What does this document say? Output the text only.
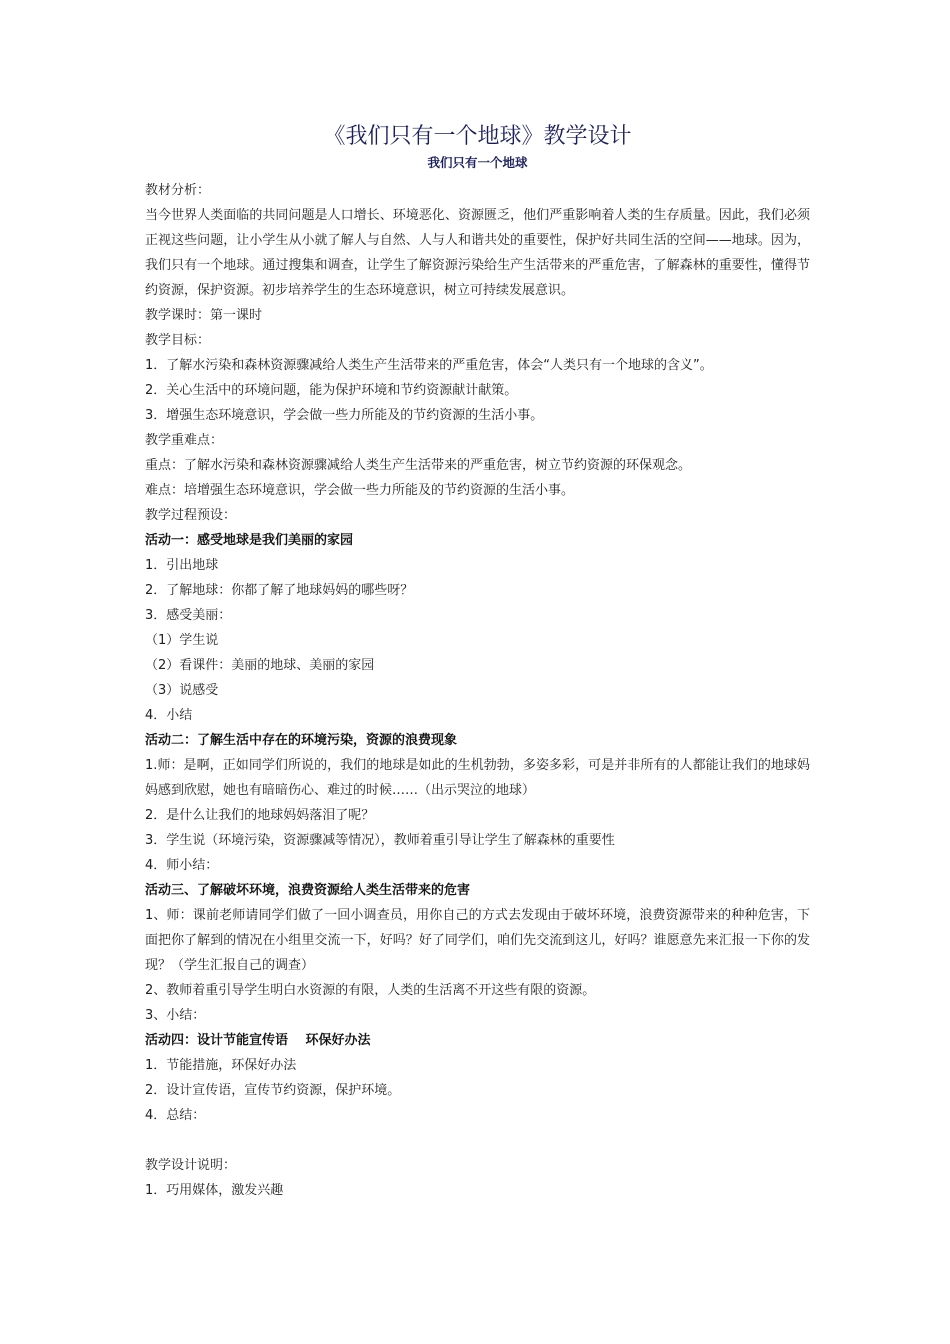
《我们只有一个地球》教学设计
我们只有一个地球
教材分析：
当今世界人类面临的共同问题是人口增长、环境恶化、资源匮乏，他们严重影响着人类的生存质量。因此，我们必须正视这些问题，让小学生从小就了解人与自然、人与人和谐共处的重要性，保护好共同生活的空间——地球。因为，我们只有一个地球。通过搜集和调查，让学生了解资源污染给生产生活带来的严重危害，了解森林的重要性，懂得节约资源，保护资源。初步培养学生的生态环境意识，树立可持续发展意识。
教学课时：第一课时
教学目标：
1．了解水污染和森林资源骤减给人类生产生活带来的严重危害，体会“人类只有一个地球的含义”。
2．关心生活中的环境问题，能为保护环境和节约资源献计献策。
3．增强生态环境意识，学会做一些力所能及的节约资源的生活小事。
教学重难点：
重点：了解水污染和森林资源骤减给人类生产生活带来的严重危害，树立节约资源的环保观念。
难点：培增强生态环境意识，学会做一些力所能及的节约资源的生活小事。
教学过程预设：
活动一：感受地球是我们美丽的家园
1．引出地球
2．了解地球：你都了解了地球妈妈的哪些呀？
3．感受美丽：
（1）学生说
（2）看课件：美丽的地球、美丽的家园
（3）说感受
4．小结
活动二：了解生活中存在的环境污染，资源的浪费现象
1.师：是啊，正如同学们所说的，我们的地球是如此的生机勃勃，多姿多彩，可是并非所有的人都能让我们的地球妈妈感到欣慰，她也有暗暗伤心、难过的时候……（出示哭泣的地球）
2．是什么让我们的地球妈妈落泪了呢？
3．学生说（环境污染，资源骤减等情况），教师着重引导让学生了解森林的重要性
4．师小结：
活动三、了解破坏环境，浪费资源给人类生活带来的危害
1、师：课前老师请同学们做了一回小调查员，用你自己的方式去发现由于破坏环境，浪费资源带来的种种危害，下面把你了解到的情况在小组里交流一下，好吗？好了同学们，咱们先交流到这儿，好吗？谁愿意先来汇报一下你的发现？（学生汇报自己的调查）
2、教师着重引导学生明白水资源的有限，人类的生活离不开这些有限的资源。
3、小结：
活动四：设计节能宣传语　 环保好办法
1．节能措施，环保好办法
2．设计宣传语，宣传节约资源，保护环境。
4．总结：
教学设计说明：
1．巧用媒体，激发兴趣
